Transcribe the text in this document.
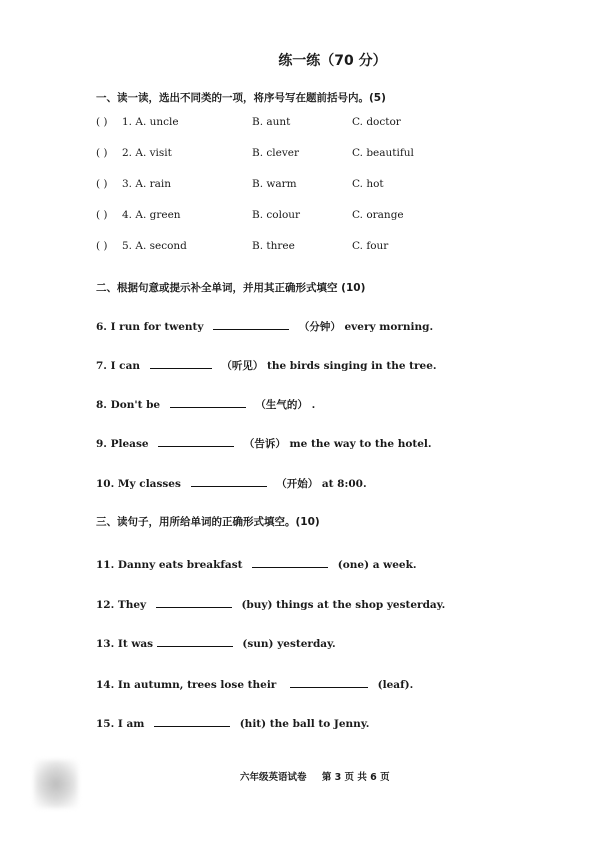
练一练（70 分）
一、读一读，选出不同类的一项，将序号写在题前括号内。(5)
( ) 1. A. uncle	B. aunt	C. doctor
( ) 2. A. visit	B. clever	C. beautiful
( ) 3. A. rain	B. warm	C. hot
( ) 4. A. green	B. colour	C. orange
( ) 5. A. second	B. three	C. four
二、根据句意或提示补全单词，并用其正确形式填空 (10)
6. I run for twenty	（分钟） every morning.
7. I can	（听见） the birds singing in the tree.
8. Don't be	（生气的） .
9. Please	（告诉） me the way to the hotel.
10. My classes	（开始） at 8:00.
三、读句子，用所给单词的正确形式填空。(10)
11. Danny eats breakfast	(one) a week.
12. They	(buy) things at the shop yesterday.
13. It was	(sun) yesterday.
14. In autumn, trees lose their	(leaf).
15. I am	(hit) the ball to Jenny.
六年级英语试卷 第 3 页 共 6 页
